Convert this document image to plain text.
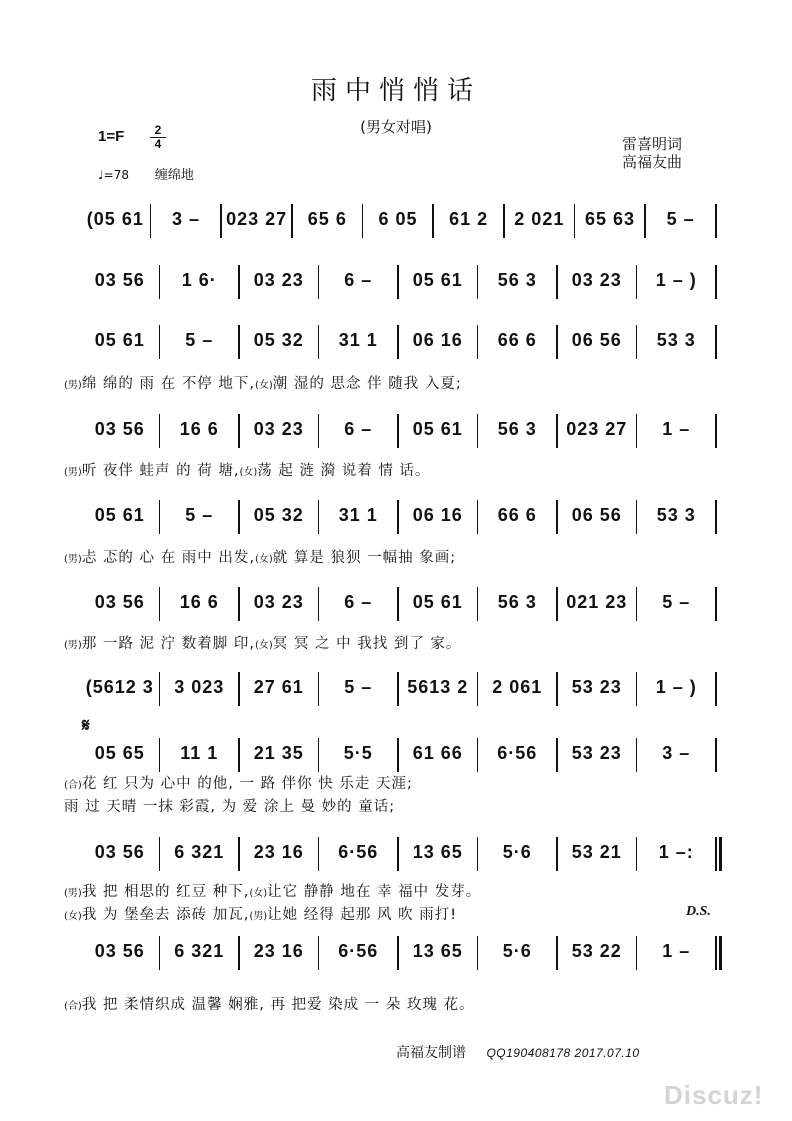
雨中悄悄话
(男女对唱)
1=F	2
4
♩=78 缠绵地
雷喜明词
高福友曲
(05 61	3 –	023 27	65 6	6 05	61 2	2 021	65 63	5 –
03 56	1 6·	03 23	6 –	05 61	56 3	03 23	1 – )
05 61	5 –	05 32	31 1	06 16	66 6	06 56	53 3
03 56	16 6	03 23	6 –	05 61	56 3	023 27	1 –
05 61	5 –	05 32	31 1	06 16	66 6	06 56	53 3
03 56	16 6	03 23	6 –	05 61	56 3	021 23	5 –
(5612 3	3 023	27 61	5 –	5613 2	2 061	53 23	1 – )
05 65	11 1	21 35	5·5	61 66	6·56	53 23	3 –
03 56	6 321	23 16	6·56	13 65	5·6	53 21	1 –:
03 56	6 321	23 16	6·56	13 65	5·6	53 22	1 –
(男)绵 绵的 雨 在 不停 地下,(女)潮 湿的 思念 伴 随我 入夏;
(男)听 夜伴 蛙声 的 荷 塘,(女)荡 起 涟 漪 说着 情 话。
(男)忐 忑的 心 在 雨中 出发,(女)就 算是 狼狈 一幅抽 象画;
(男)那 一路 泥 泞 数着脚 印,(女)冥 冥 之 中 我找 到了 家。
(合)花 红 只为 心中 的他, 一 路 伴你 快 乐走 天涯;
雨 过 天晴 一抹 彩霞, 为 爱 涂上 曼 妙的 童话;
(男)我 把 相思的 红豆 种下,(女)让它 静静 地在 幸 福中 发芽。
(女)我 为 堡垒去 添砖 加瓦,(男)让她 经得 起那 风 吹 雨打!
(合)我 把 柔情织成 温馨 娴雅, 再 把爱 染成 一 朵 玫瑰 花。
𝄋
D.S.
高福友制谱 QQ190408178 2017.07.10
Discuz!
